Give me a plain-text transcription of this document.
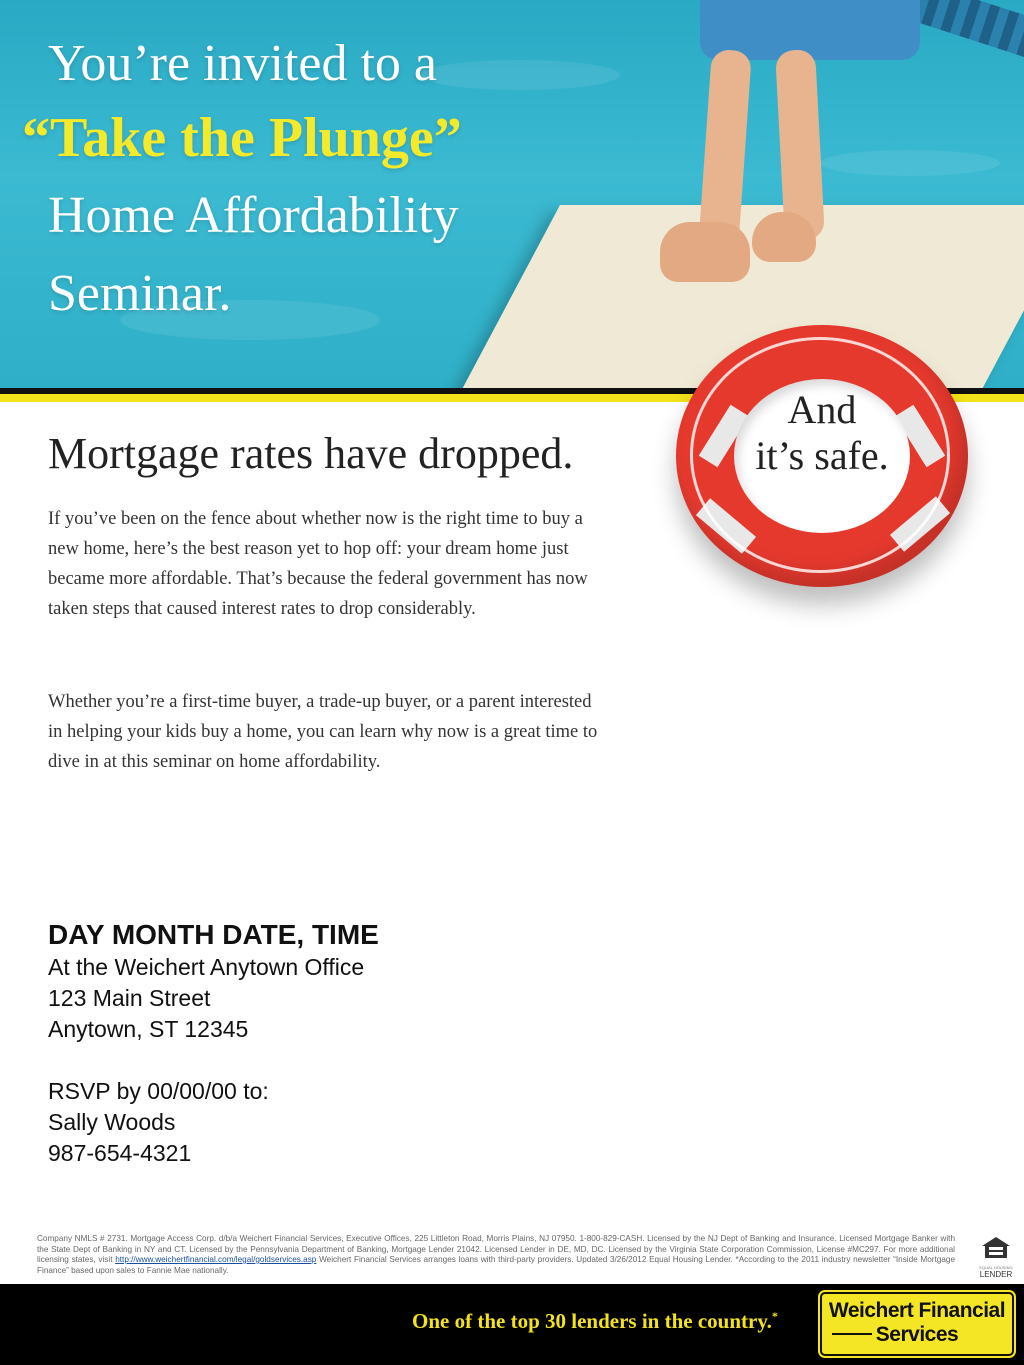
You’re invited to a
“Take the Plunge”
Home Affordability
Seminar.
And
it’s safe.
Mortgage rates have dropped.
If you’ve been on the fence about whether now is the right time to buy a new home, here’s the best reason yet to hop off: your dream home just became more affordable. That’s because the federal government has now taken steps that caused interest rates to drop considerably.
Whether you’re a first-time buyer, a trade-up buyer, or a parent interested in helping your kids buy a home, you can learn why now is a great time to dive in at this seminar on home affordability.
DAY MONTH DATE, TIME
At the Weichert Anytown Office
123 Main Street
Anytown, ST 12345
RSVP by 00/00/00 to:
Sally Woods
987-654-4321
Company NMLS # 2731. Mortgage Access Corp. d/b/a Weichert Financial Services, Executive Offices, 225 Littleton Road, Morris Plains, NJ 07950. 1-800-829-CASH. Licensed by the NJ Dept of Banking and Insurance. Licensed Mortgage Banker with the State Dept of Banking in NY and CT. Licensed by the Pennsylvania Department of Banking, Mortgage Lender 21042. Licensed Lender in DE, MD, DC. Licensed by the Virginia State Corporation Commission, License #MC297. For more additional licensing states, visit http://www.weichertfinancial.com/legal/goldservices.asp Weichert Financial Services arranges loans with third-party providers. Updated 3/26/2012 Equal Housing Lender. *According to the 2011 industry newsletter “Inside Mortgage Finance” based upon sales to Fannie Mae nationally.	EQUAL HOUSING
LENDER
One of the top 30 lenders in the country.*	Weichert Financial
Services
